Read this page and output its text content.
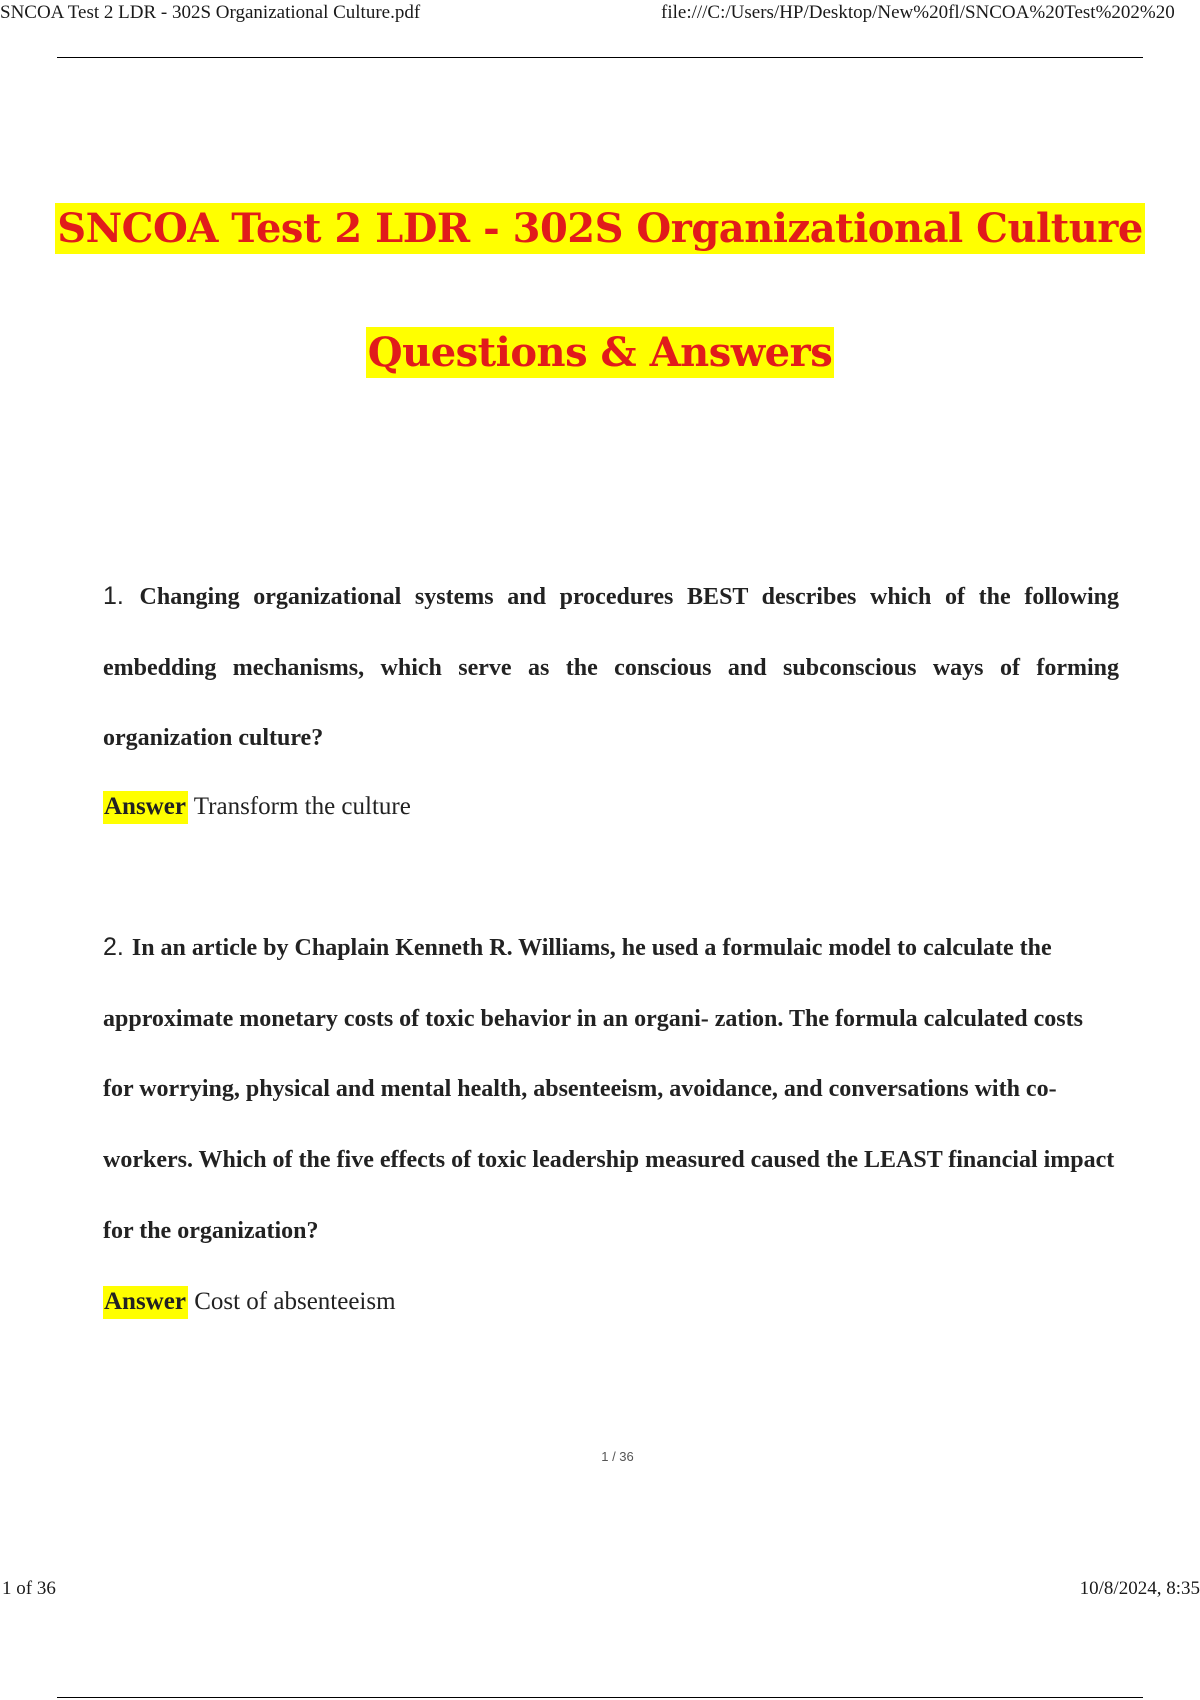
SNCOA Test 2 LDR - 302S Organizational Culture.pdf	file:///C:/Users/HP/Desktop/New%20fl/SNCOA%20Test%202%20
SNCOA Test 2 LDR - 302S Organizational Culture
Questions & Answers
1. Changing organizational systems and procedures BEST describes which of the following embedding mechanisms, which serve as the conscious and subconscious ways of forming organization culture?
Answer Transform the culture
2. In an article by Chaplain Kenneth R. Williams, he used a formulaic model to calculate the approximate monetary costs of toxic behavior in an organi- zation. The formula calculated costs for worrying, physical and mental health, absenteeism, avoidance, and conversations with co-workers. Which of the five effects of toxic leadership measured caused the LEAST financial impact for the organization?
Answer Cost of absenteeism
1 / 36
1 of 36	10/8/2024, 8:35
